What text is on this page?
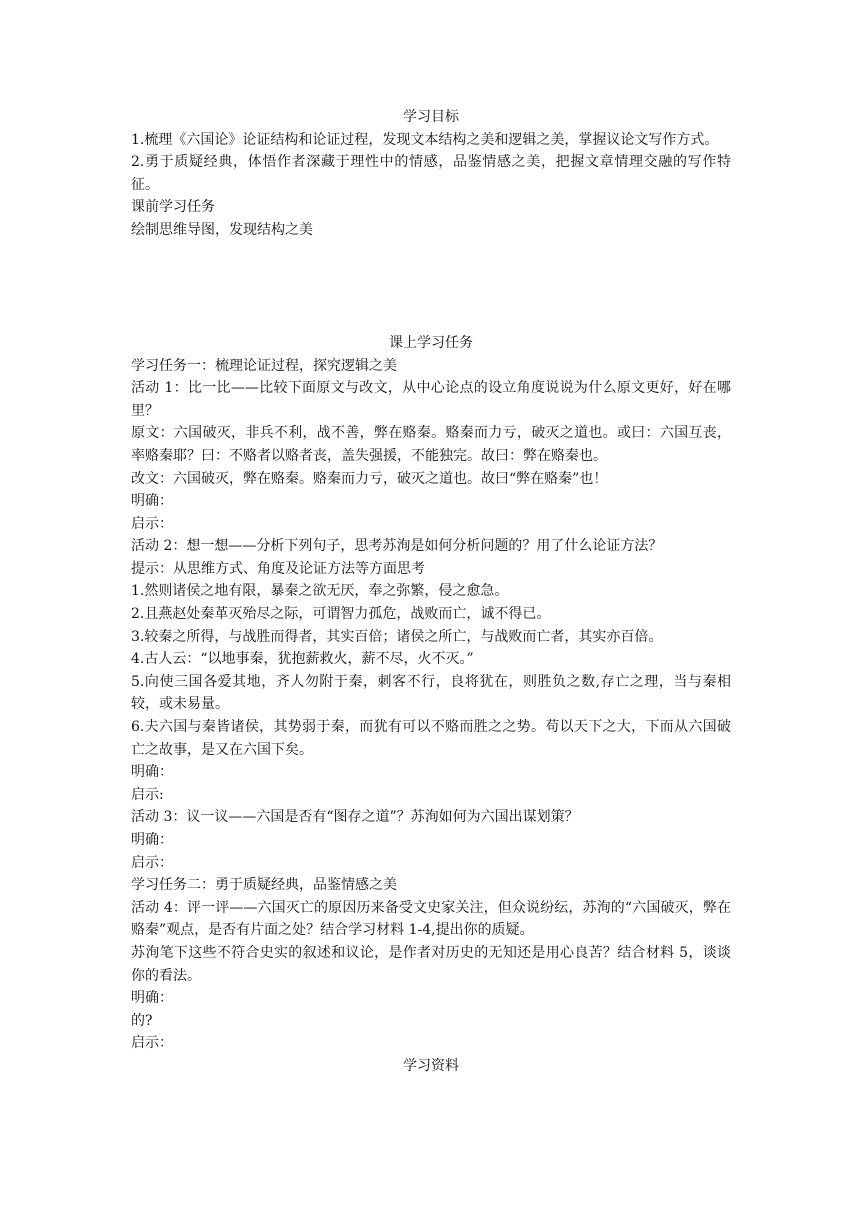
学习目标
1.梳理《六国论》论证结构和论证过程，发现文本结构之美和逻辑之美，掌握议论文写作方式。
2.勇于质疑经典，体悟作者深藏于理性中的情感，品鉴情感之美，把握文章情理交融的写作特征。
课前学习任务
绘制思维导图，发现结构之美
课上学习任务
学习任务一：梳理论证过程，探究逻辑之美
活动 1：比一比——比较下面原文与改文，从中心论点的设立角度说说为什么原文更好，好在哪里？
原文：六国破灭，非兵不利，战不善，弊在赂秦。赂秦而力亏，破灭之道也。或曰：六国互丧，率赂秦耶？曰：不赂者以赂者丧，盖失强援，不能独完。故曰：弊在赂秦也。
改文：六国破灭，弊在赂秦。赂秦而力亏，破灭之道也。故曰“弊在赂秦”也！
明确：
启示：
活动 2：想一想——分析下列句子，思考苏洵是如何分析问题的？用了什么论证方法？
提示：从思维方式、角度及论证方法等方面思考
1.然则诸侯之地有限，暴秦之欲无厌，奉之弥繁，侵之愈急。
2.且燕赵处秦革灭殆尽之际，可谓智力孤危，战败而亡，诚不得已。
3.较秦之所得，与战胜而得者，其实百倍；诸侯之所亡，与战败而亡者，其实亦百倍。
4.古人云：“以地事秦，犹抱薪救火，薪不尽，火不灭。”
5.向使三国各爱其地，齐人勿附于秦，刺客不行，良将犹在，则胜负之数,存亡之理，当与秦相较，或未易量。
6.夫六国与秦皆诸侯，其势弱于秦，而犹有可以不赂而胜之之势。苟以天下之大，下而从六国破亡之故事，是又在六国下矣。
明确：
启示:
活动 3：议一议——六国是否有“图存之道”？苏洵如何为六国出谋划策？
明确：
启示：
学习任务二：勇于质疑经典，品鉴情感之美
活动 4：评一评——六国灭亡的原因历来备受文史家关注，但众说纷纭，苏洵的“六国破灭，弊在赂秦”观点，是否有片面之处？结合学习材料 1-4,提出你的质疑。
苏洵笔下这些不符合史实的叙述和议论，是作者对历史的无知还是用心良苦？结合材料 5，谈谈你的看法。
明确：
的?
启示：
学习资料
